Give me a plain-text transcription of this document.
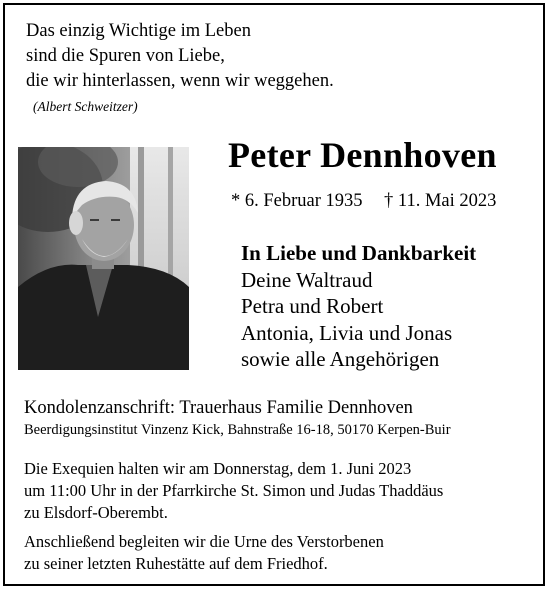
Das einzig Wichtige im Leben
sind die Spuren von Liebe,
die wir hinterlassen, wenn wir weggehen.
(Albert Schweitzer)
Peter Dennhoven
* 6. Februar 1935 † 11. Mai 2023
In Liebe und Dankbarkeit
Deine Waltraud
Petra und Robert
Antonia, Livia und Jonas
sowie alle Angehörigen
Kondolenzanschrift: Trauerhaus Familie Dennhoven
Beerdigungsinstitut Vinzenz Kick, Bahnstraße 16-18, 50170 Kerpen-Buir
Die Exequien halten wir am Donnerstag, dem 1. Juni 2023
um 11:00 Uhr in der Pfarrkirche St. Simon und Judas Thaddäus
zu Elsdorf-Oberembt.
Anschließend begleiten wir die Urne des Verstorbenen
zu seiner letzten Ruhestätte auf dem Friedhof.
